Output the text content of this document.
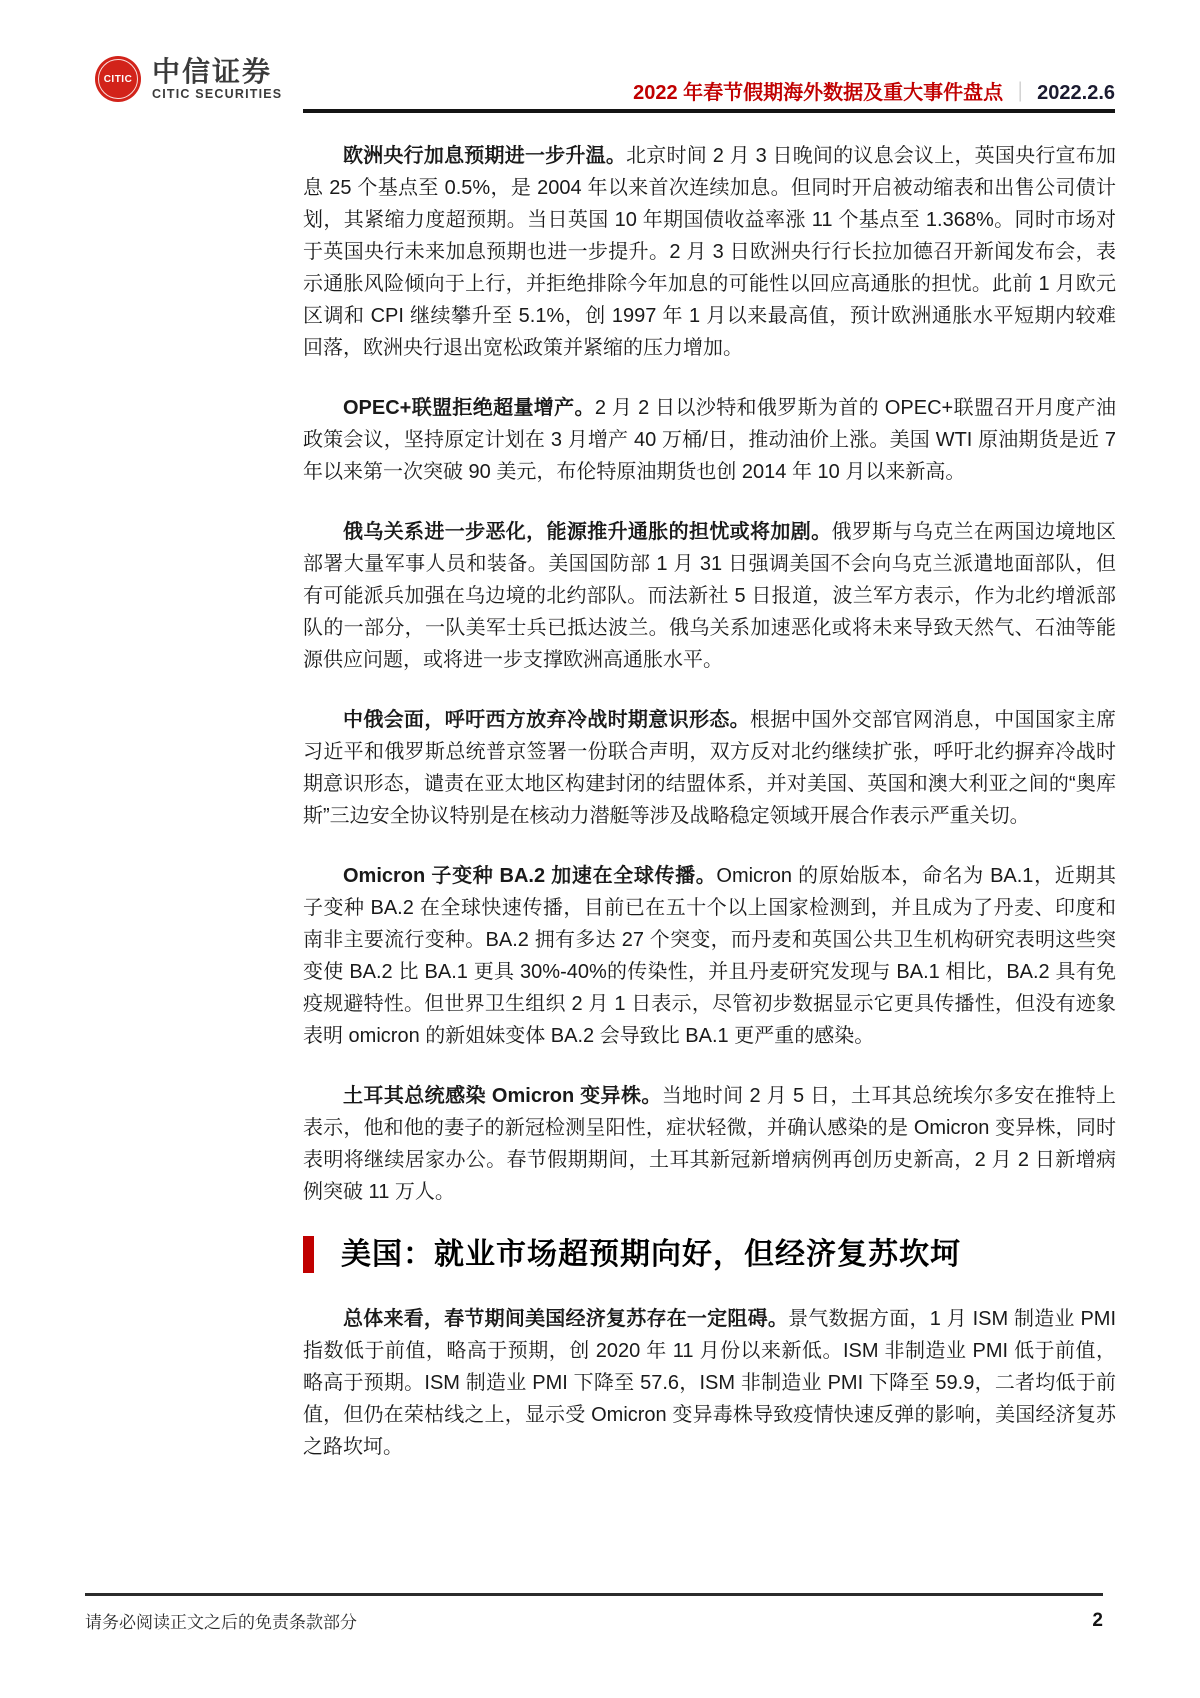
CITIC 中信证券
CITIC SECURITIES	2022 年春节假期海外数据及重大事件盘点 ｜ 2022.2.6

欧洲央行加息预期进一步升温。北京时间 2 月 3 日晚间的议息会议上，英国央行宣布加息 25 个基点至 0.5%，是 2004 年以来首次连续加息。但同时开启被动缩表和出售公司债计划，其紧缩力度超预期。当日英国 10 年期国债收益率涨 11 个基点至 1.368%。同时市场对于英国央行未来加息预期也进一步提升。2 月 3 日欧洲央行行长拉加德召开新闻发布会，表示通胀风险倾向于上行，并拒绝排除今年加息的可能性以回应高通胀的担忧。此前 1 月欧元区调和 CPI 继续攀升至 5.1%，创 1997 年 1 月以来最高值，预计欧洲通胀水平短期内较难回落，欧洲央行退出宽松政策并紧缩的压力增加。

OPEC+联盟拒绝超量增产。2 月 2 日以沙特和俄罗斯为首的 OPEC+联盟召开月度产油政策会议，坚持原定计划在 3 月增产 40 万桶/日，推动油价上涨。美国 WTI 原油期货是近 7 年以来第一次突破 90 美元，布伦特原油期货也创 2014 年 10 月以来新高。

俄乌关系进一步恶化，能源推升通胀的担忧或将加剧。俄罗斯与乌克兰在两国边境地区部署大量军事人员和装备。美国国防部 1 月 31 日强调美国不会向乌克兰派遣地面部队，但有可能派兵加强在乌边境的北约部队。而法新社 5 日报道，波兰军方表示，作为北约增派部队的一部分，一队美军士兵已抵达波兰。俄乌关系加速恶化或将未来导致天然气、石油等能源供应问题，或将进一步支撑欧洲高通胀水平。

中俄会面，呼吁西方放弃冷战时期意识形态。根据中国外交部官网消息，中国国家主席习近平和俄罗斯总统普京签署一份联合声明，双方反对北约继续扩张，呼吁北约摒弃冷战时期意识形态，谴责在亚太地区构建封闭的结盟体系，并对美国、英国和澳大利亚之间的“奥库斯”三边安全协议特别是在核动力潜艇等涉及战略稳定领域开展合作表示严重关切。

Omicron 子变种 BA.2 加速在全球传播。Omicron 的原始版本，命名为 BA.1，近期其子变种 BA.2 在全球快速传播，目前已在五十个以上国家检测到，并且成为了丹麦、印度和南非主要流行变种。BA.2 拥有多达 27 个突变，而丹麦和英国公共卫生机构研究表明这些突变使 BA.2 比 BA.1 更具 30%-40%的传染性，并且丹麦研究发现与 BA.1 相比，BA.2 具有免疫规避特性。但世界卫生组织 2 月 1 日表示，尽管初步数据显示它更具传播性，但没有迹象表明 omicron 的新姐妹变体 BA.2 会导致比 BA.1 更严重的感染。

土耳其总统感染 Omicron 变异株。当地时间 2 月 5 日，土耳其总统埃尔多安在推特上表示，他和他的妻子的新冠检测呈阳性，症状轻微，并确认感染的是 Omicron 变异株，同时表明将继续居家办公。春节假期期间，土耳其新冠新增病例再创历史新高，2 月 2 日新增病例突破 11 万人。

美国：就业市场超预期向好，但经济复苏坎坷

总体来看，春节期间美国经济复苏存在一定阻碍。景气数据方面，1 月 ISM 制造业 PMI 指数低于前值，略高于预期，创 2020 年 11 月份以来新低。ISM 非制造业 PMI 低于前值，略高于预期。ISM 制造业 PMI 下降至 57.6，ISM 非制造业 PMI 下降至 59.9，二者均低于前值，但仍在荣枯线之上，显示受 Omicron 变异毒株导致疫情快速反弹的影响，美国经济复苏之路坎坷。

请务必阅读正文之后的免责条款部分	2
